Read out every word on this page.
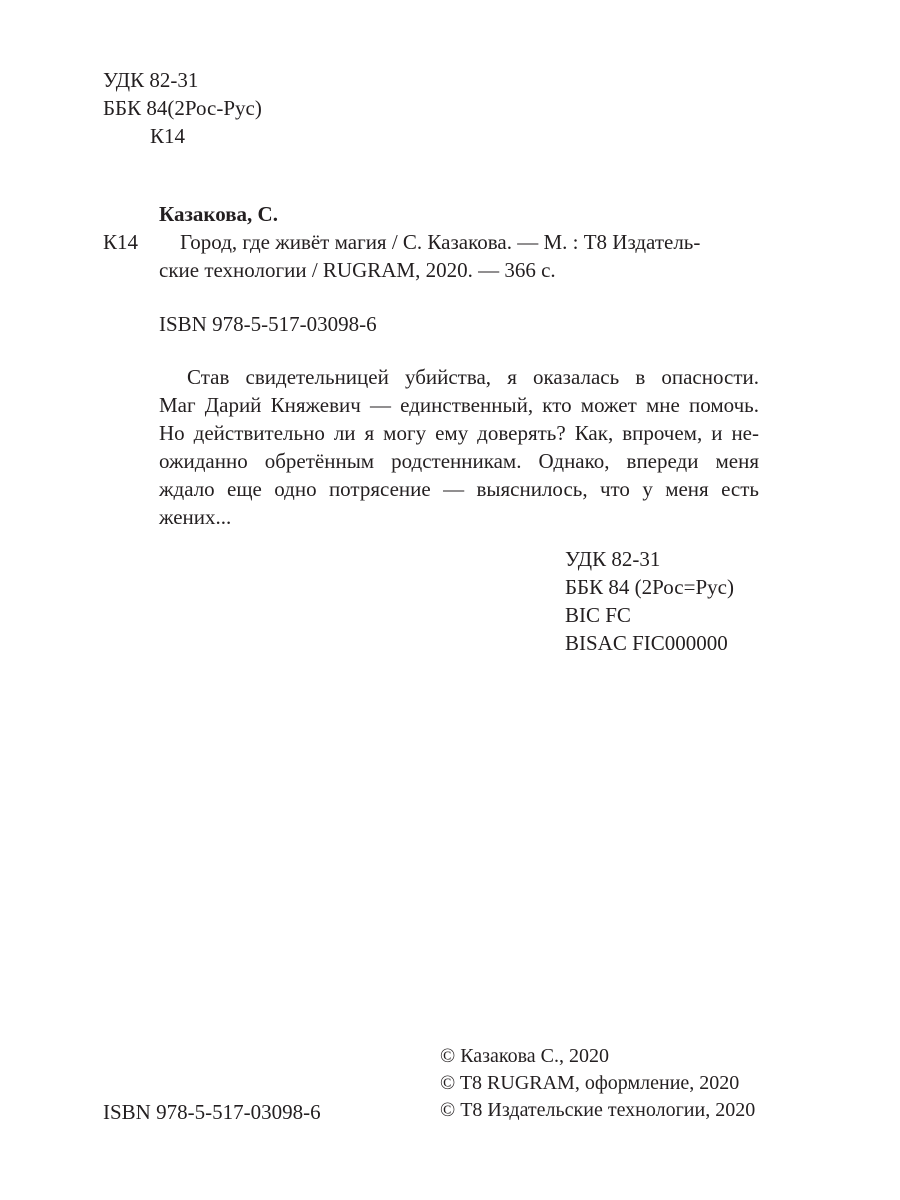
УДК 82-31
ББК 84(2Рос-Рус)
К14
Казакова, С.
К14 Город, где живёт магия / С. Казакова. — М. : Т8 Издатель-
ские технологии / RUGRAM, 2020. — 366 с.
ISBN 978-5-517-03098-6
Став свидетельницей убийства, я оказалась в опасности.
Маг Дарий Княжевич — единственный, кто может мне помочь.
Но действительно ли я могу ему доверять? Как, впрочем, и не-
ожиданно обретённым родстенникам. Однако, впереди меня
ждало еще одно потрясение — выяснилось, что у меня есть
жених...
УДК 82-31
ББК 84 (2Рос=Рус)
BIC FC
BISAC FIC000000
© Казакова С., 2020
© T8 RUGRAM, оформление, 2020
© Т8 Издательские технологии, 2020
ISBN 978-5-517-03098-6
